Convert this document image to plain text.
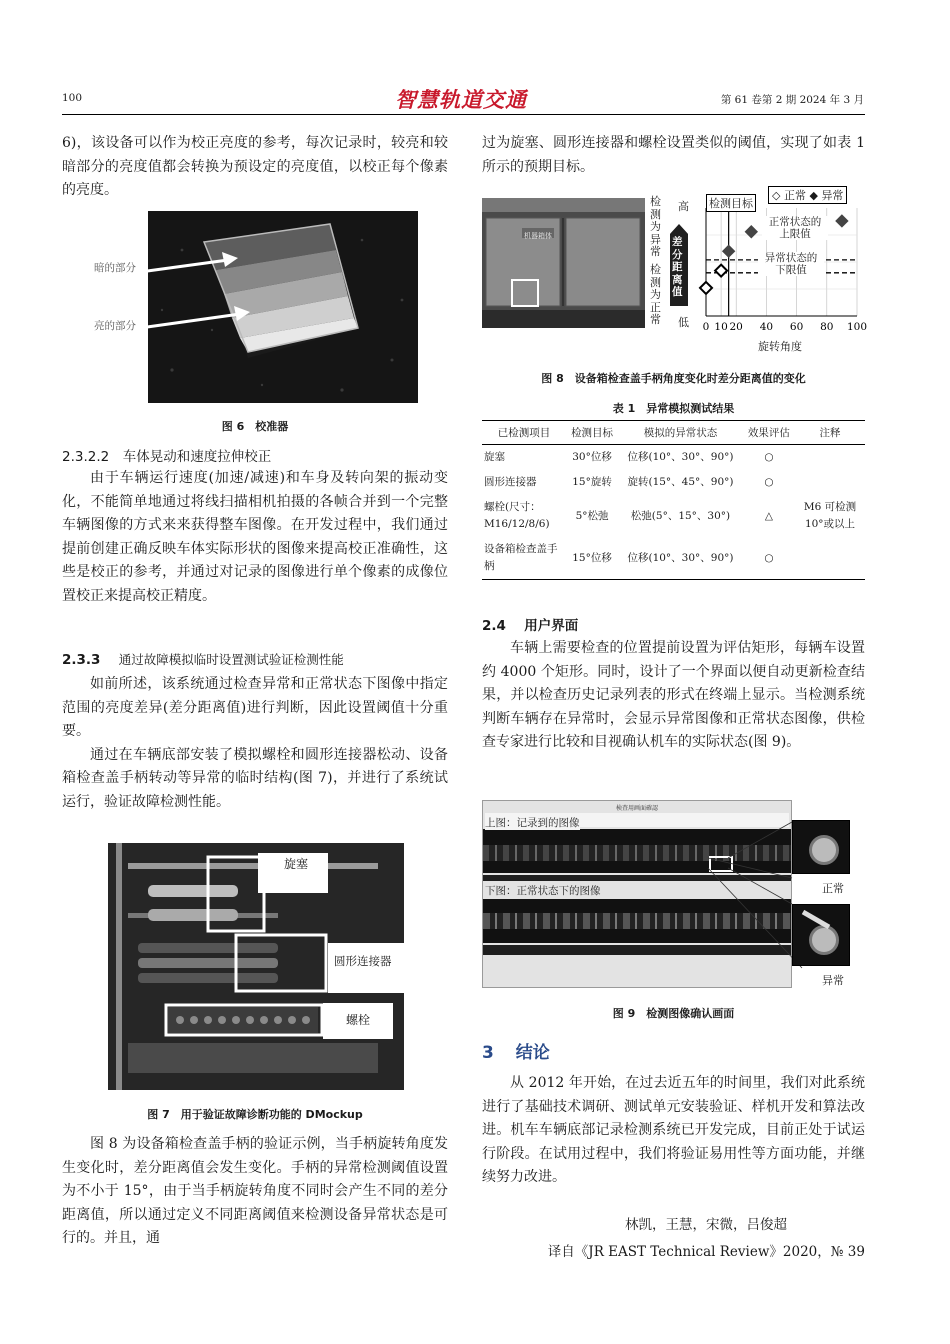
100	智慧轨道交通	第 61 卷第 2 期 2024 年 3 月

6)，该设备可以作为校正亮度的参考，每次记录时，较亮和较暗部分的亮度值都会转换为预设定的亮度值，以校正每个像素的亮度。

暗的部分
亮的部分
图 6　校准器
2.3.2.2　车体晃动和速度拉伸校正

由于车辆运行速度(加速/减速)和车身及转向架的振动变化，不能简单地通过将线扫描相机拍摄的各帧合并到一个完整车辆图像的方式来来获得整车图像。在开发过程中，我们通过提前创建正确反映车体实际形状的图像来提高校正准确性，这些是校正的参考，并通过对记录的图像进行单个像素的成像位置校正来提高校正精度。

2.3.3 通过故障模拟临时设置测试验证检测性能

如前所述，该系统通过检查异常和正常状态下图像中指定范围的亮度差异(差分距离值)进行判断，因此设置阈值十分重要。

通过在车辆底部安装了模拟螺栓和圆形连接器松动、设备箱检查盖手柄转动等异常的临时结构(图 7)，并进行了系统试运行，验证故障检测性能。

旋塞
圆形连接器
螺栓
图 7　用于验证故障诊断功能的 DMockup

图 8 为设备箱检查盖手柄的验证示例，当手柄旋转角度发生变化时，差分距离值会发生变化。手柄的异常检测阈值设置为不小于 15°，由于当手柄旋转角度不同时会产生不同的差分距离值，所以通过定义不同距离阈值来检测设备异常状态是可行的。并且，通

过为旋塞、圆形连接器和螺栓设置类似的阈值，实现了如表 1 所示的预期目标。

机器箱体
检测为异常
检测为正常
高
低
差分距离值
0 10 20 40 60 80 100
检测目标
◇ 正常 ◆ 异常
正常状态的
上限值
异常状态的
下限值
旋转角度
图 8　设备箱检查盖手柄角度变化时差分距离值的变化
表 1　异常模拟测试结果
已检测项目	检测目标	模拟的异常状态	效果评估	注释
旋塞	30°位移	位移(10°、30°、90°)	○	
圆形连接器	15°旋转	旋转(15°、45°、90°)	○	
螺栓(尺寸：M16/12/8/6)	5°松弛	松弛(5°、15°、30°)	△	M6 可检测 10°或以上
设备箱检查盖手柄	15°位移	位移(10°、30°、90°)	○	
2.4 用户界面

车辆上需要检查的位置提前设置为评估矩形，每辆车设置约 4000 个矩形。同时，设计了一个界面以便自动更新检查结果，并以检查历史记录列表的形式在终端上显示。当检测系统判断车辆存在异常时，会显示异常图像和正常状态图像，供检查专家进行比较和目视确认机车的实际状态(图 9)。

検査用画面確認
上图：记录到的图像
下图：正常状态下的图像	正常
异常
图 9　检测图像确认画面
3 结论

从 2012 年开始，在过去近五年的时间里，我们对此系统进行了基础技术调研、测试单元安装验证、样机开发和算法改进。机车车辆底部记录检测系统已开发完成，目前正处于试运行阶段。在试用过程中，我们将验证易用性等方面功能，并继续努力改进。

林凯，王慧，宋微，吕俊超
译自《JR EAST Technical Review》2020，№ 39
